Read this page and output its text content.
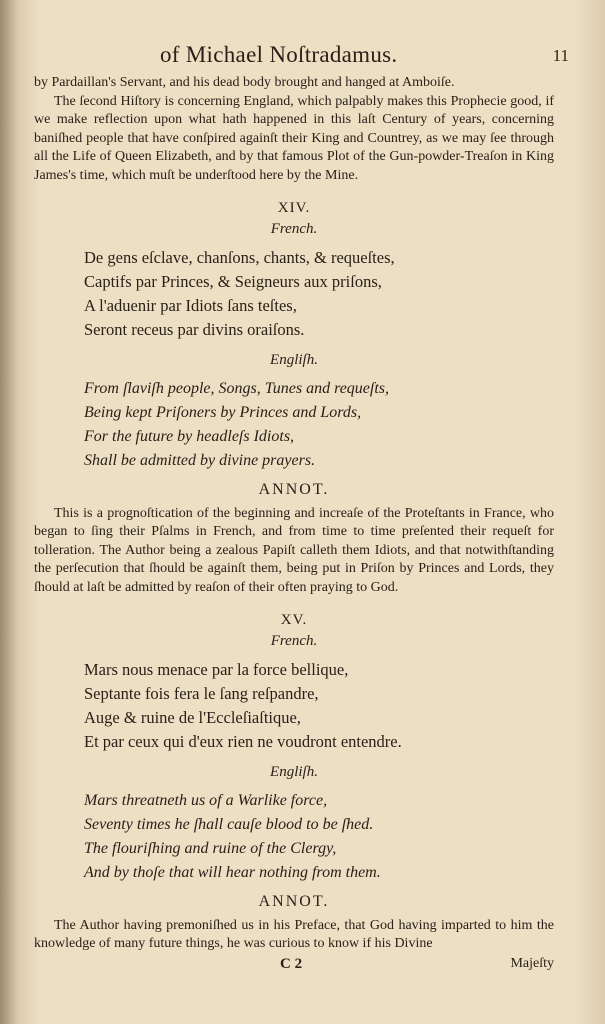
of Michael Noſtradamus.	11

by Pardaillan's Servant, and his dead body brought and hanged at Amboiſe.

The ſecond Hiſtory is concerning England, which palpably makes this Prophecie good, if we make reflection upon what hath happened in this laſt Century of years, concerning baniſhed people that have conſpired againſt their King and Countrey, as we may ſee through all the Life of Queen Elizabeth, and by that famous Plot of the Gun-powder-Treaſon in King James's time, which muſt be underſtood here by the Mine.

XIV.
French.
De gens eſclave, chanſons, chants, & requeſtes,
Captifs par Princes, & Seigneurs aux priſons,
A l'aduenir par Idiots ſans teſtes,
Seront receus par divins oraiſons.
Engliſh.
From ſlaviſh people, Songs, Tunes and requeſts,
Being kept Priſoners by Princes and Lords,
For the future by headleſs Idiots,
Shall be admitted by divine prayers.
ANNOT.

This is a prognoſtication of the beginning and increaſe of the Proteſtants in France, who began to ſing their Pſalms in French, and from time to time preſented their requeſt for tolleration. The Author being a zealous Papiſt calleth them Idiots, and that notwithſtanding the perſecution that ſhould be againſt them, being put in Priſon by Princes and Lords, they ſhould at laſt be admitted by reaſon of their often praying to God.

XV.
French.
Mars nous menace par la force bellique,
Septante fois fera le ſang reſpandre,
Auge & ruine de l'Eccleſiaſtique,
Et par ceux qui d'eux rien ne voudront entendre.
Engliſh.
Mars threatneth us of a Warlike force,
Seventy times he ſhall cauſe blood to be ſhed.
The flouriſhing and ruine of the Clergy,
And by thoſe that will hear nothing from them.
ANNOT.

The Author having premoniſhed us in his Preface, that God having imparted to him the knowledge of many future things, he was curious to know if his Divine

C 2	Majeſty
